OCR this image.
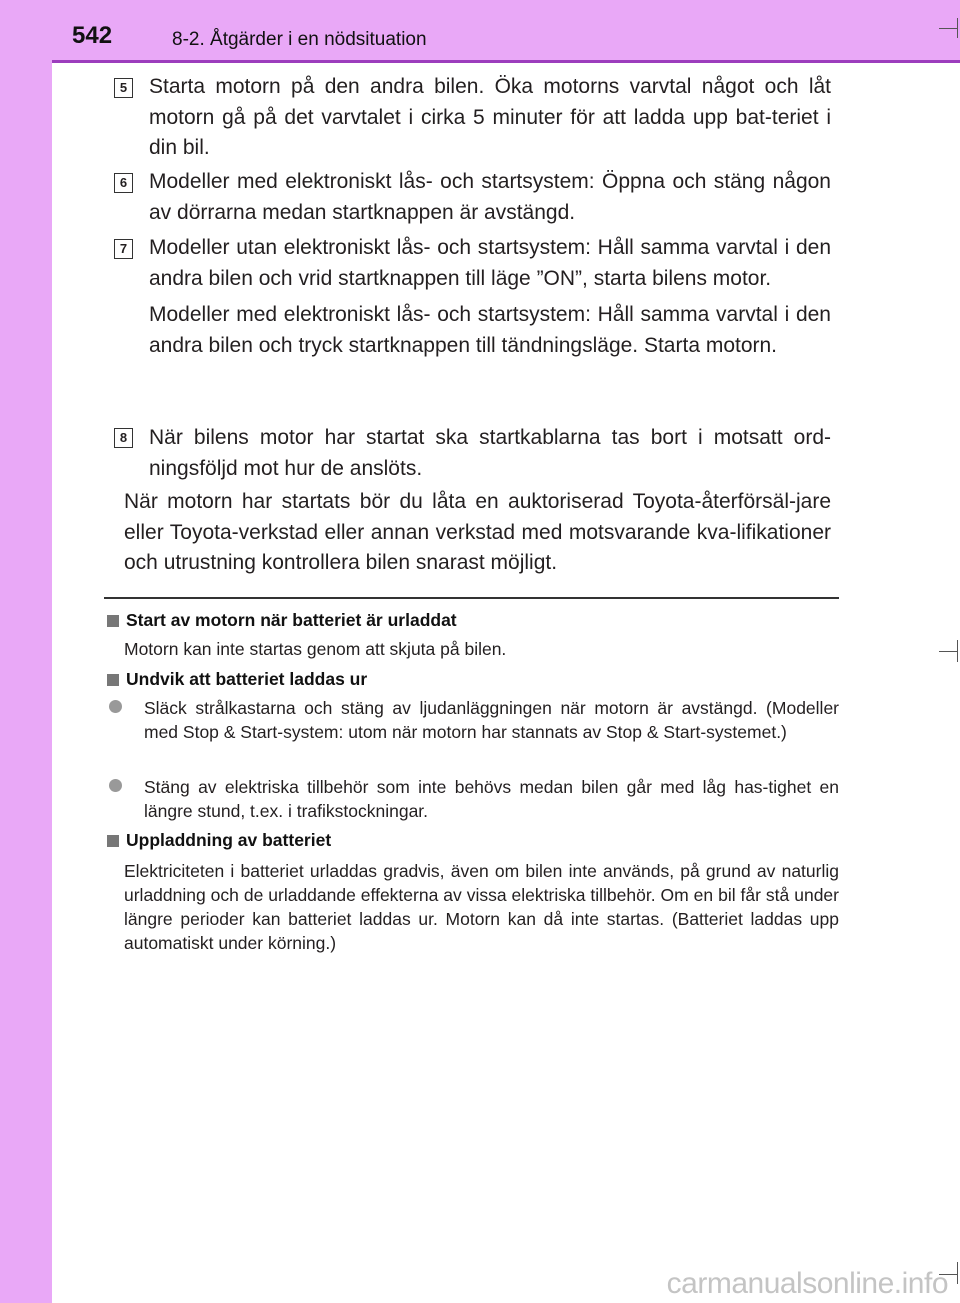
542	8-2. Åtgärder i en nödsituation
5 Starta motorn på den andra bilen. Öka motorns varvtal något och låt motorn gå på det varvtalet i cirka 5 minuter för att ladda upp bat-teriet i din bil.

6 Modeller med elektroniskt lås- och startsystem: Öppna och stäng någon av dörrarna medan startknappen är avstängd.

7 Modeller utan elektroniskt lås- och startsystem: Håll samma varvtal i den andra bilen och vrid startknappen till läge ”ON”, starta bilens motor.

Modeller med elektroniskt lås- och startsystem: Håll samma varvtal i den andra bilen och tryck startknappen till tändningsläge. Starta motorn.

8 När bilens motor har startat ska startkablarna tas bort i motsatt ord-ningsföljd mot hur de anslöts.

När motorn har startats bör du låta en auktoriserad Toyota-återförsäl-jare eller Toyota-verkstad eller annan verkstad med motsvarande kva-lifikationer och utrustning kontrollera bilen snarast möjligt.

Start av motorn när batteriet är urladdat

Motorn kan inte startas genom att skjuta på bilen.

Undvik att batteriet laddas ur

Släck strålkastarna och stäng av ljudanläggningen när motorn är avstängd. (Modeller med Stop & Start-system: utom när motorn har stannats av Stop & Start-systemet.)

Stäng av elektriska tillbehör som inte behövs medan bilen går med låg has-tighet en längre stund, t.ex. i trafikstockningar.

Uppladdning av batteriet

Elektriciteten i batteriet urladdas gradvis, även om bilen inte används, på grund av naturlig urladdning och de urladdande effekterna av vissa elektriska tillbehör. Om en bil får stå under längre perioder kan batteriet laddas ur. Motorn kan då inte startas. (Batteriet laddas upp automatiskt under körning.)

carmanualsonline.info
